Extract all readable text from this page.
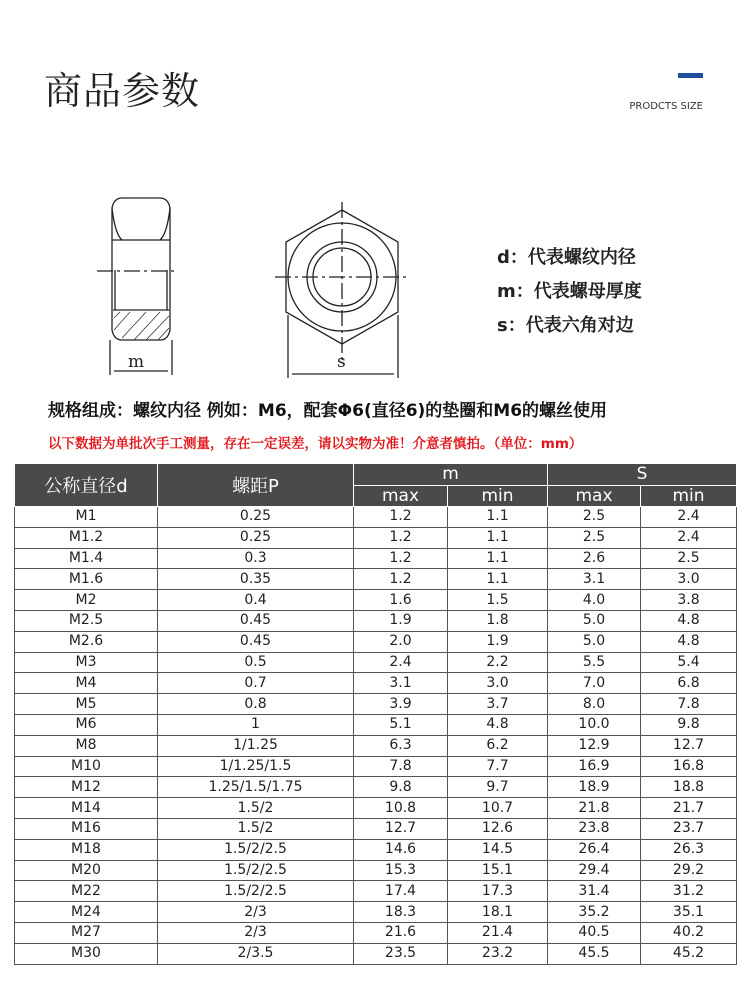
商品参数	PRODCTS SIZE
m	s
d：代表螺纹内径
m：代表螺母厚度
s：代表六角对边
规格组成：螺纹内径 例如：M6，配套Φ6(直径6)的垫圈和M6的螺丝使用
以下数据为单批次手工测量，存在一定误差，请以实物为准！介意者慎拍。（单位：mm）
公称直径d	螺距P	m		S	
		max	min	max	min
M1	0.25	1.2	1.1	2.5	2.4
M1.2	0.25	1.2	1.1	2.5	2.4
M1.4	0.3	1.2	1.1	2.6	2.5
M1.6	0.35	1.2	1.1	3.1	3.0
M2	0.4	1.6	1.5	4.0	3.8
M2.5	0.45	1.9	1.8	5.0	4.8
M2.6	0.45	2.0	1.9	5.0	4.8
M3	0.5	2.4	2.2	5.5	5.4
M4	0.7	3.1	3.0	7.0	6.8
M5	0.8	3.9	3.7	8.0	7.8
M6	1	5.1	4.8	10.0	9.8
M8	1/1.25	6.3	6.2	12.9	12.7
M10	1/1.25/1.5	7.8	7.7	16.9	16.8
M12	1.25/1.5/1.75	9.8	9.7	18.9	18.8
M14	1.5/2	10.8	10.7	21.8	21.7
M16	1.5/2	12.7	12.6	23.8	23.7
M18	1.5/2/2.5	14.6	14.5	26.4	26.3
M20	1.5/2/2.5	15.3	15.1	29.4	29.2
M22	1.5/2/2.5	17.4	17.3	31.4	31.2
M24	2/3	18.3	18.1	35.2	35.1
M27	2/3	21.6	21.4	40.5	40.2
M30	2/3.5	23.5	23.2	45.5	45.2
